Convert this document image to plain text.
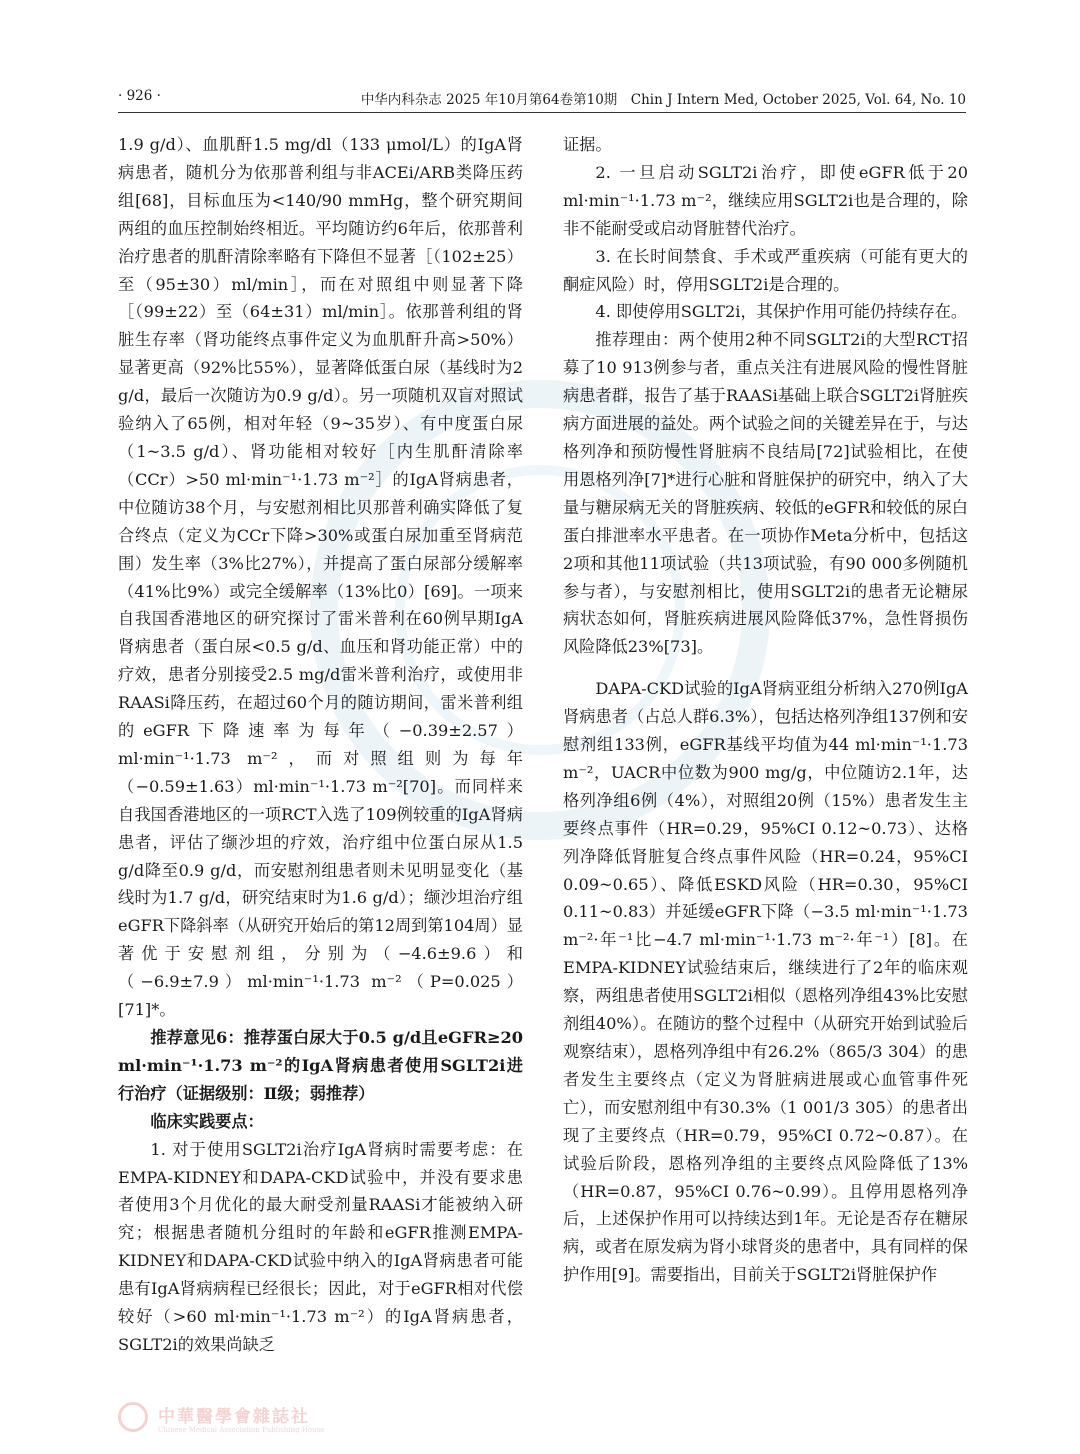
· 926 ·	中华内科杂志 2025 年10月第64卷第10期　Chin J Intern Med, October 2025, Vol. 64, No. 10

1.9 g/d）、血肌酐1.5 mg/dl（133 μmol/L）的IgA肾病患者，随机分为依那普利组与非ACEi/ARB类降压药组[68]，目标血压为<140/90 mmHg，整个研究期间两组的血压控制始终相近。平均随访约6年后，依那普利治疗患者的肌酐清除率略有下降但不显著［（102±25）至（95±30）ml/min］，而在对照组中则显著下降［（99±22）至（64±31）ml/min］。依那普利组的肾脏生存率（肾功能终点事件定义为血肌酐升高>50%）显著更高（92%比55%），显著降低蛋白尿（基线时为2 g/d，最后一次随访为0.9 g/d）。另一项随机双盲对照试验纳入了65例，相对年轻（9~35岁）、有中度蛋白尿（1~3.5 g/d）、肾功能相对较好［内生肌酐清除率（CCr）>50 ml·min⁻¹·1.73 m⁻²］的IgA肾病患者，中位随访38个月，与安慰剂相比贝那普利确实降低了复合终点（定义为CCr下降>30%或蛋白尿加重至肾病范围）发生率（3%比27%），并提高了蛋白尿部分缓解率（41%比9%）或完全缓解率（13%比0）[69]。一项来自我国香港地区的研究探讨了雷米普利在60例早期IgA肾病患者（蛋白尿<0.5 g/d、血压和肾功能正常）中的疗效，患者分别接受2.5 mg/d雷米普利治疗，或使用非RAASi降压药，在超过60个月的随访期间，雷米普利组的eGFR下降速率为每年（−0.39±2.57）ml·min⁻¹·1.73 m⁻²，而对照组则为每年（−0.59±1.63）ml·min⁻¹·1.73 m⁻²[70]。而同样来自我国香港地区的一项RCT入选了109例较重的IgA肾病患者，评估了缬沙坦的疗效，治疗组中位蛋白尿从1.5 g/d降至0.9 g/d，而安慰剂组患者则未见明显变化（基线时为1.7 g/d，研究结束时为1.6 g/d）；缬沙坦治疗组eGFR下降斜率（从研究开始后的第12周到第104周）显著优于安慰剂组，分别为（−4.6±9.6）和（−6.9±7.9）ml·min⁻¹·1.73 m⁻²（P=0.025）[71]*。

推荐意见6：推荐蛋白尿大于0.5 g/d且eGFR≥20 ml·min⁻¹·1.73 m⁻²的IgA肾病患者使用SGLT2i进行治疗（证据级别：Ⅱ级；弱推荐）

临床实践要点：

1. 对于使用SGLT2i治疗IgA肾病时需要考虑：在EMPA-KIDNEY和DAPA-CKD试验中，并没有要求患者使用3个月优化的最大耐受剂量RAASi才能被纳入研究；根据患者随机分组时的年龄和eGFR推测EMPA-KIDNEY和DAPA-CKD试验中纳入的IgA肾病患者可能患有IgA肾病病程已经很长；因此，对于eGFR相对代偿较好（>60 ml·min⁻¹·1.73 m⁻²）的IgA肾病患者，SGLT2i的效果尚缺乏

证据。

2. 一旦启动SGLT2i治疗，即使eGFR低于20 ml·min⁻¹·1.73 m⁻²，继续应用SGLT2i也是合理的，除非不能耐受或启动肾脏替代治疗。

3. 在长时间禁食、手术或严重疾病（可能有更大的酮症风险）时，停用SGLT2i是合理的。

4. 即使停用SGLT2i，其保护作用可能仍持续存在。

推荐理由：两个使用2种不同SGLT2i的大型RCT招募了10 913例参与者，重点关注有进展风险的慢性肾脏病患者群，报告了基于RAASi基础上联合SGLT2i肾脏疾病方面进展的益处。两个试验之间的关键差异在于，与达格列净和预防慢性肾脏病不良结局[72]试验相比，在使用恩格列净[7]*进行心脏和肾脏保护的研究中，纳入了大量与糖尿病无关的肾脏疾病、较低的eGFR和较低的尿白蛋白排泄率水平患者。在一项协作Meta分析中，包括这2项和其他11项试验（共13项试验，有90 000多例随机参与者），与安慰剂相比，使用SGLT2i的患者无论糖尿病状态如何，肾脏疾病进展风险降低37%，急性肾损伤风险降低23%[73]。

DAPA-CKD试验的IgA肾病亚组分析纳入270例IgA肾病患者（占总人群6.3%），包括达格列净组137例和安慰剂组133例，eGFR基线平均值为44 ml·min⁻¹·1.73 m⁻²，UACR中位数为900 mg/g，中位随访2.1年，达格列净组6例（4%），对照组20例（15%）患者发生主要终点事件（HR=0.29，95%CI 0.12~0.73）、达格列净降低肾脏复合终点事件风险（HR=0.24，95%CI 0.09~0.65）、降低ESKD风险（HR=0.30，95%CI 0.11~0.83）并延缓eGFR下降（−3.5 ml·min⁻¹·1.73 m⁻²·年⁻¹比−4.7 ml·min⁻¹·1.73 m⁻²·年⁻¹）[8]。在EMPA-KIDNEY试验结束后，继续进行了2年的临床观察，两组患者使用SGLT2i相似（恩格列净组43%比安慰剂组40%）。在随访的整个过程中（从研究开始到试验后观察结束），恩格列净组中有26.2%（865/3 304）的患者发生主要终点（定义为肾脏病进展或心血管事件死亡），而安慰剂组中有30.3%（1 001/3 305）的患者出现了主要终点（HR=0.79，95%CI 0.72~0.87）。在试验后阶段，恩格列净组的主要终点风险降低了13%（HR=0.87，95%CI 0.76~0.99）。且停用恩格列净后，上述保护作用可以持续达到1年。无论是否存在糖尿病，或者在原发病为肾小球肾炎的患者中，具有同样的保护作用[9]。需要指出，目前关于SGLT2i肾脏保护作

中華醫學會雜誌社
Chinese Medical Association Publishing House
